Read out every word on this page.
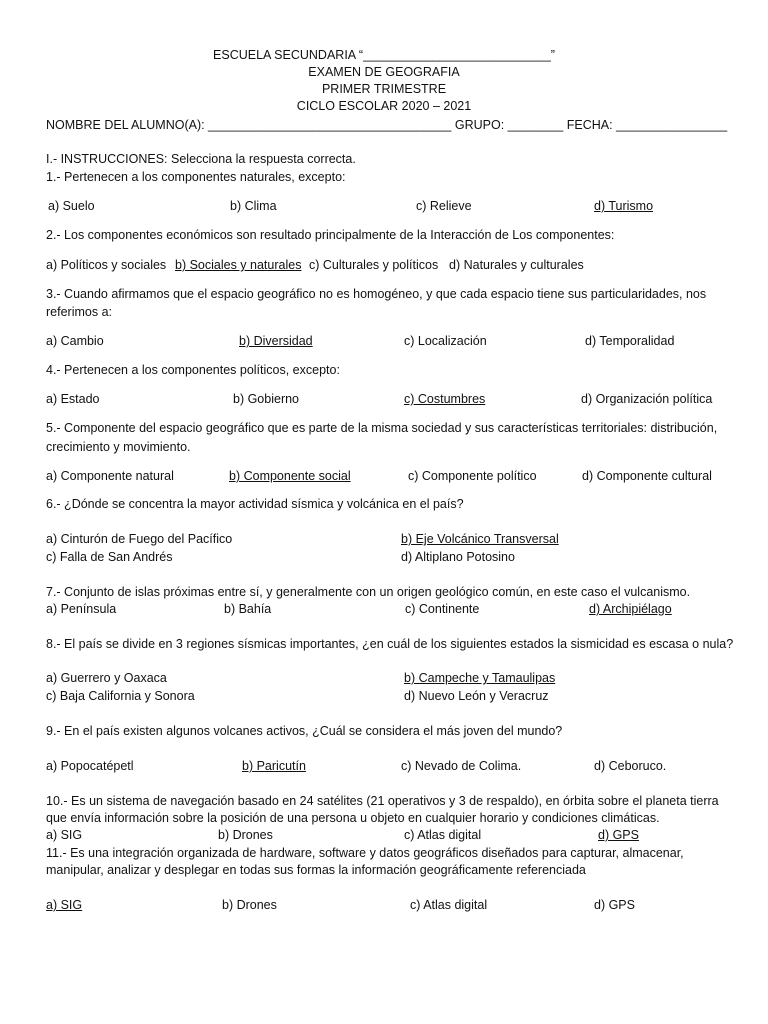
ESCUELA SECUNDARIA “___________________________”
EXAMEN DE GEOGRAFIA
PRIMER TRIMESTRE
CICLO ESCOLAR 2020 – 2021
NOMBRE DEL ALUMNO(A): ___________________________________ GRUPO: ________ FECHA: ________________
I.- INSTRUCCIONES: Selecciona la respuesta correcta.
1.- Pertenecen a los componentes naturales, excepto:
a) Suelo	b) Clima	c) Relieve	d) Turismo
2.- Los componentes económicos son resultado principalmente de la Interacción de Los componentes:
a) Políticos y sociales b) Sociales y naturales c) Culturales y políticos d) Naturales y culturales
3.- Cuando afirmamos que el espacio geográfico no es homogéneo, y que cada espacio tiene sus particularidades, nos
referimos a:
a) Cambio	b) Diversidad	c) Localización	d) Temporalidad
4.- Pertenecen a los componentes políticos, excepto:
a) Estado	b) Gobierno	c) Costumbres	d) Organización política
5.- Componente del espacio geográfico que es parte de la misma sociedad y sus características territoriales: distribución,
crecimiento y movimiento.
a) Componente natural	b) Componente social	c) Componente político	d) Componente cultural
6.- ¿Dónde se concentra la mayor actividad sísmica y volcánica en el país?
a) Cinturón de Fuego del Pacífico	b) Eje Volcánico Transversal
c) Falla de San Andrés	d) Altiplano Potosino
7.- Conjunto de islas próximas entre sí, y generalmente con un origen geológico común, en este caso el vulcanismo.
a) Península	b) Bahía	c) Continente	d) Archipiélago
8.- El país se divide en 3 regiones sísmicas importantes, ¿en cuál de los siguientes estados la sismicidad es escasa o nula?
a) Guerrero y Oaxaca	b) Campeche y Tamaulipas
c) Baja California y Sonora	d) Nuevo León y Veracruz
9.- En el país existen algunos volcanes activos, ¿Cuál se considera el más joven del mundo?
a) Popocatépetl	b) Paricutín	c) Nevado de Colima.	d) Ceboruco.
10.- Es un sistema de navegación basado en 24 satélites (21 operativos y 3 de respaldo), en órbita sobre el planeta tierra
que envía información sobre la posición de una persona u objeto en cualquier horario y condiciones climáticas.
a) SIG	b) Drones	c) Atlas digital	d) GPS
11.- Es una integración organizada de hardware, software y datos geográficos diseñados para capturar, almacenar,
manipular, analizar y desplegar en todas sus formas la información geográficamente referenciada
a) SIG	b) Drones	c) Atlas digital	d) GPS
